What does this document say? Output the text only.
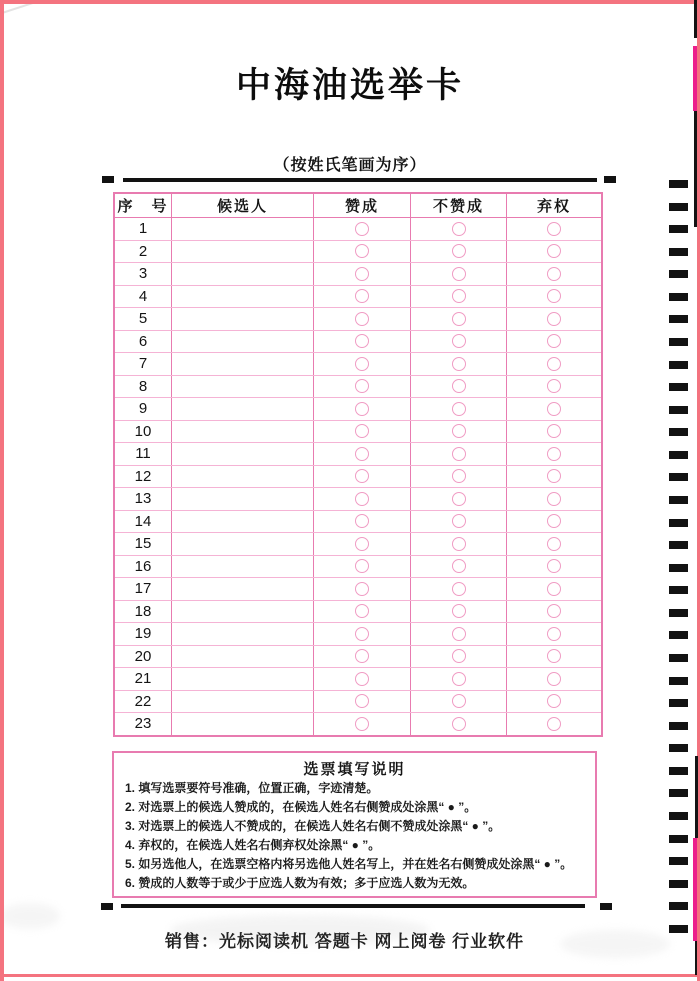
中海油选举卡
（按姓氏笔画为序）
序　号	候选人	赞成	不赞成	弃权
1				
2				
3				
4				
5				
6				
7				
8				
9				
10				
11				
12				
13				
14				
15				
16				
17				
18				
19				
20				
21				
22				
23				
选票填写说明
1. 填写选票要符号准确，位置正确，字迹清楚。
2. 对选票上的候选人赞成的，在候选人姓名右侧赞成处涂黑“ ● ”。
3. 对选票上的候选人不赞成的，在候选人姓名右侧不赞成处涂黑“ ● ”。
4. 弃权的，在候选人姓名右侧弃权处涂黑“ ● ”。
5. 如另选他人，在选票空格内将另选他人姓名写上，并在姓名右侧赞成处涂黑“ ● ”。
6. 赞成的人数等于或少于应选人数为有效；多于应选人数为无效。
销售：光标阅读机 答题卡 网上阅卷 行业软件
